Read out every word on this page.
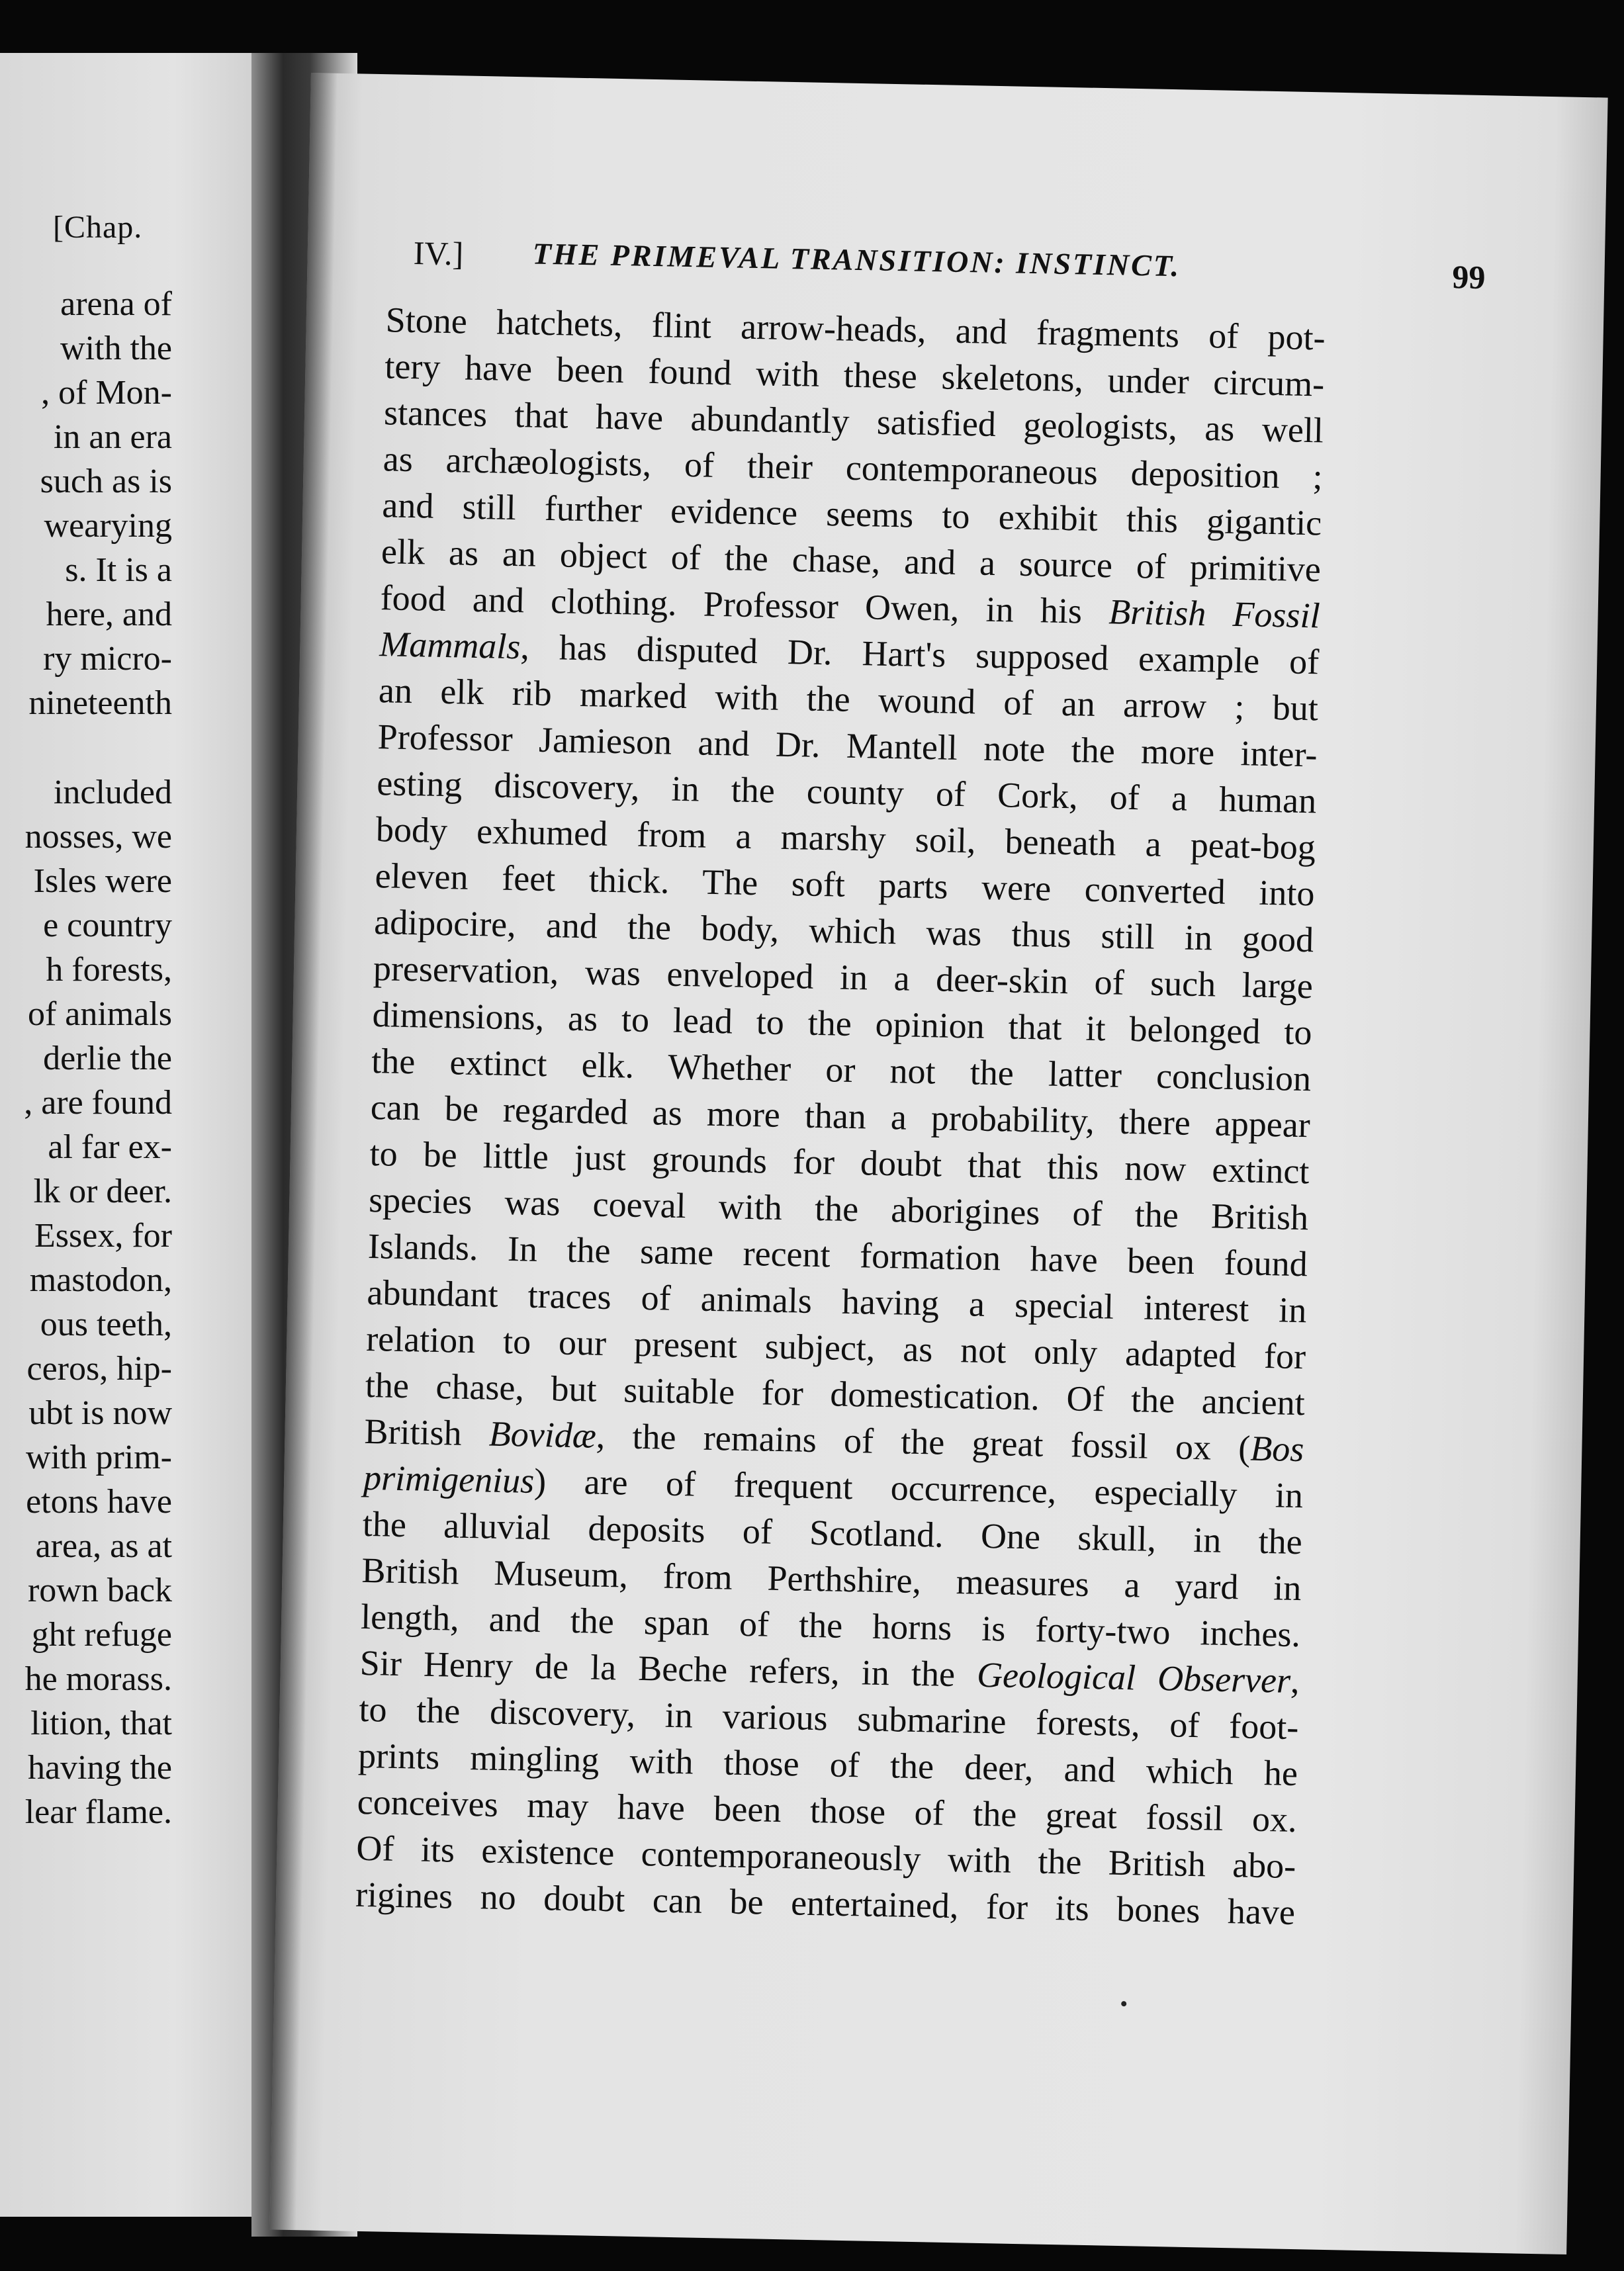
[Chap.
arena of
with the
, of Mon-
in an era
such as is
wearying
s. It is a
here, and
ry micro-
nineteenth
included
nosses, we
Isles were
e country
h forests,
of animals
derlie the
, are found
al far ex-
lk or deer.
Essex, for
mastodon,
ous teeth,
ceros, hip-
ubt is now
with prim-
etons have
area, as at
rown back
ght refuge
he morass.
lition, that
having the
lear flame.
IV.] THE PRIMEVAL TRANSITION: INSTINCT.	99
Stone hatchets, flint arrow-heads, and fragments of pot-
tery have been found with these skeletons, under circum-
stances that have abundantly satisfied geologists, as well
as archæologists, of their contemporaneous deposition ;
and still further evidence seems to exhibit this gigantic
elk as an object of the chase, and a source of primitive
food and clothing. Professor Owen, in his British Fossil
Mammals, has disputed Dr. Hart's supposed example of
an elk rib marked with the wound of an arrow ; but
Professor Jamieson and Dr. Mantell note the more inter-
esting discovery, in the county of Cork, of a human
body exhumed from a marshy soil, beneath a peat-bog
eleven feet thick. The soft parts were converted into
adipocire, and the body, which was thus still in good
preservation, was enveloped in a deer-skin of such large
dimensions, as to lead to the opinion that it belonged to
the extinct elk. Whether or not the latter conclusion
can be regarded as more than a probability, there appear
to be little just grounds for doubt that this now extinct
species was coeval with the aborigines of the British
Islands. In the same recent formation have been found
abundant traces of animals having a special interest in
relation to our present subject, as not only adapted for
the chase, but suitable for domestication. Of the ancient
British Bovidæ, the remains of the great fossil ox (Bos
primigenius) are of frequent occurrence, especially in
the alluvial deposits of Scotland. One skull, in the
British Museum, from Perthshire, measures a yard in
length, and the span of the horns is forty-two inches.
Sir Henry de la Beche refers, in the Geological Observer,
to the discovery, in various submarine forests, of foot-
prints mingling with those of the deer, and which he
conceives may have been those of the great fossil ox.
Of its existence contemporaneously with the British abo-
rigines no doubt can be entertained, for its bones have
